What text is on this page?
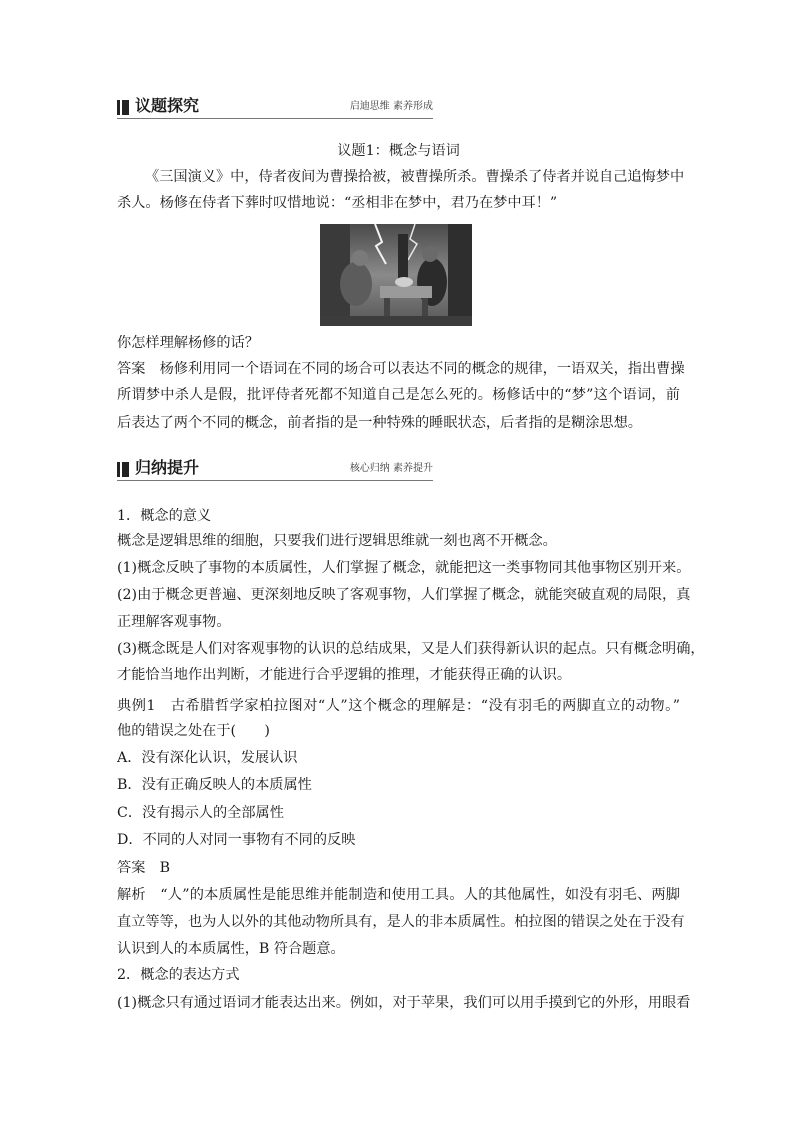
议题探究	启迪思维 素养形成
议题1：概念与语词
《三国演义》中，侍者夜间为曹操拾被，被曹操所杀。曹操杀了侍者并说自己追悔梦中
杀人。杨修在侍者下葬时叹惜地说：“丞相非在梦中，君乃在梦中耳！”
你怎样理解杨修的话？
答案　杨修利用同一个语词在不同的场合可以表达不同的概念的规律，一语双关，指出曹操
所谓梦中杀人是假，批评侍者死都不知道自己是怎么死的。杨修话中的“梦”这个语词，前
后表达了两个不同的概念，前者指的是一种特殊的睡眠状态，后者指的是糊涂思想。
归纳提升	核心归纳 素养提升
1．概念的意义
概念是逻辑思维的细胞，只要我们进行逻辑思维就一刻也离不开概念。
(1)概念反映了事物的本质属性，人们掌握了概念，就能把这一类事物同其他事物区别开来。
(2)由于概念更普遍、更深刻地反映了客观事物，人们掌握了概念，就能突破直观的局限，真
正理解客观事物。
(3)概念既是人们对客观事物的认识的总结成果，又是人们获得新认识的起点。只有概念明确，
才能恰当地作出判断，才能进行合乎逻辑的推理，才能获得正确的认识。
典例1　古希腊哲学家柏拉图对“人”这个概念的理解是：“没有羽毛的两脚直立的动物。”
他的错误之处在于(　　)
A．没有深化认识，发展认识
B．没有正确反映人的本质属性
C．没有揭示人的全部属性
D．不同的人对同一事物有不同的反映
答案　B
解析　“人”的本质属性是能思维并能制造和使用工具。人的其他属性，如没有羽毛、两脚
直立等等，也为人以外的其他动物所具有，是人的非本质属性。柏拉图的错误之处在于没有
认识到人的本质属性，B 符合题意。
2．概念的表达方式
(1)概念只有通过语词才能表达出来。例如，对于苹果，我们可以用手摸到它的外形，用眼看
